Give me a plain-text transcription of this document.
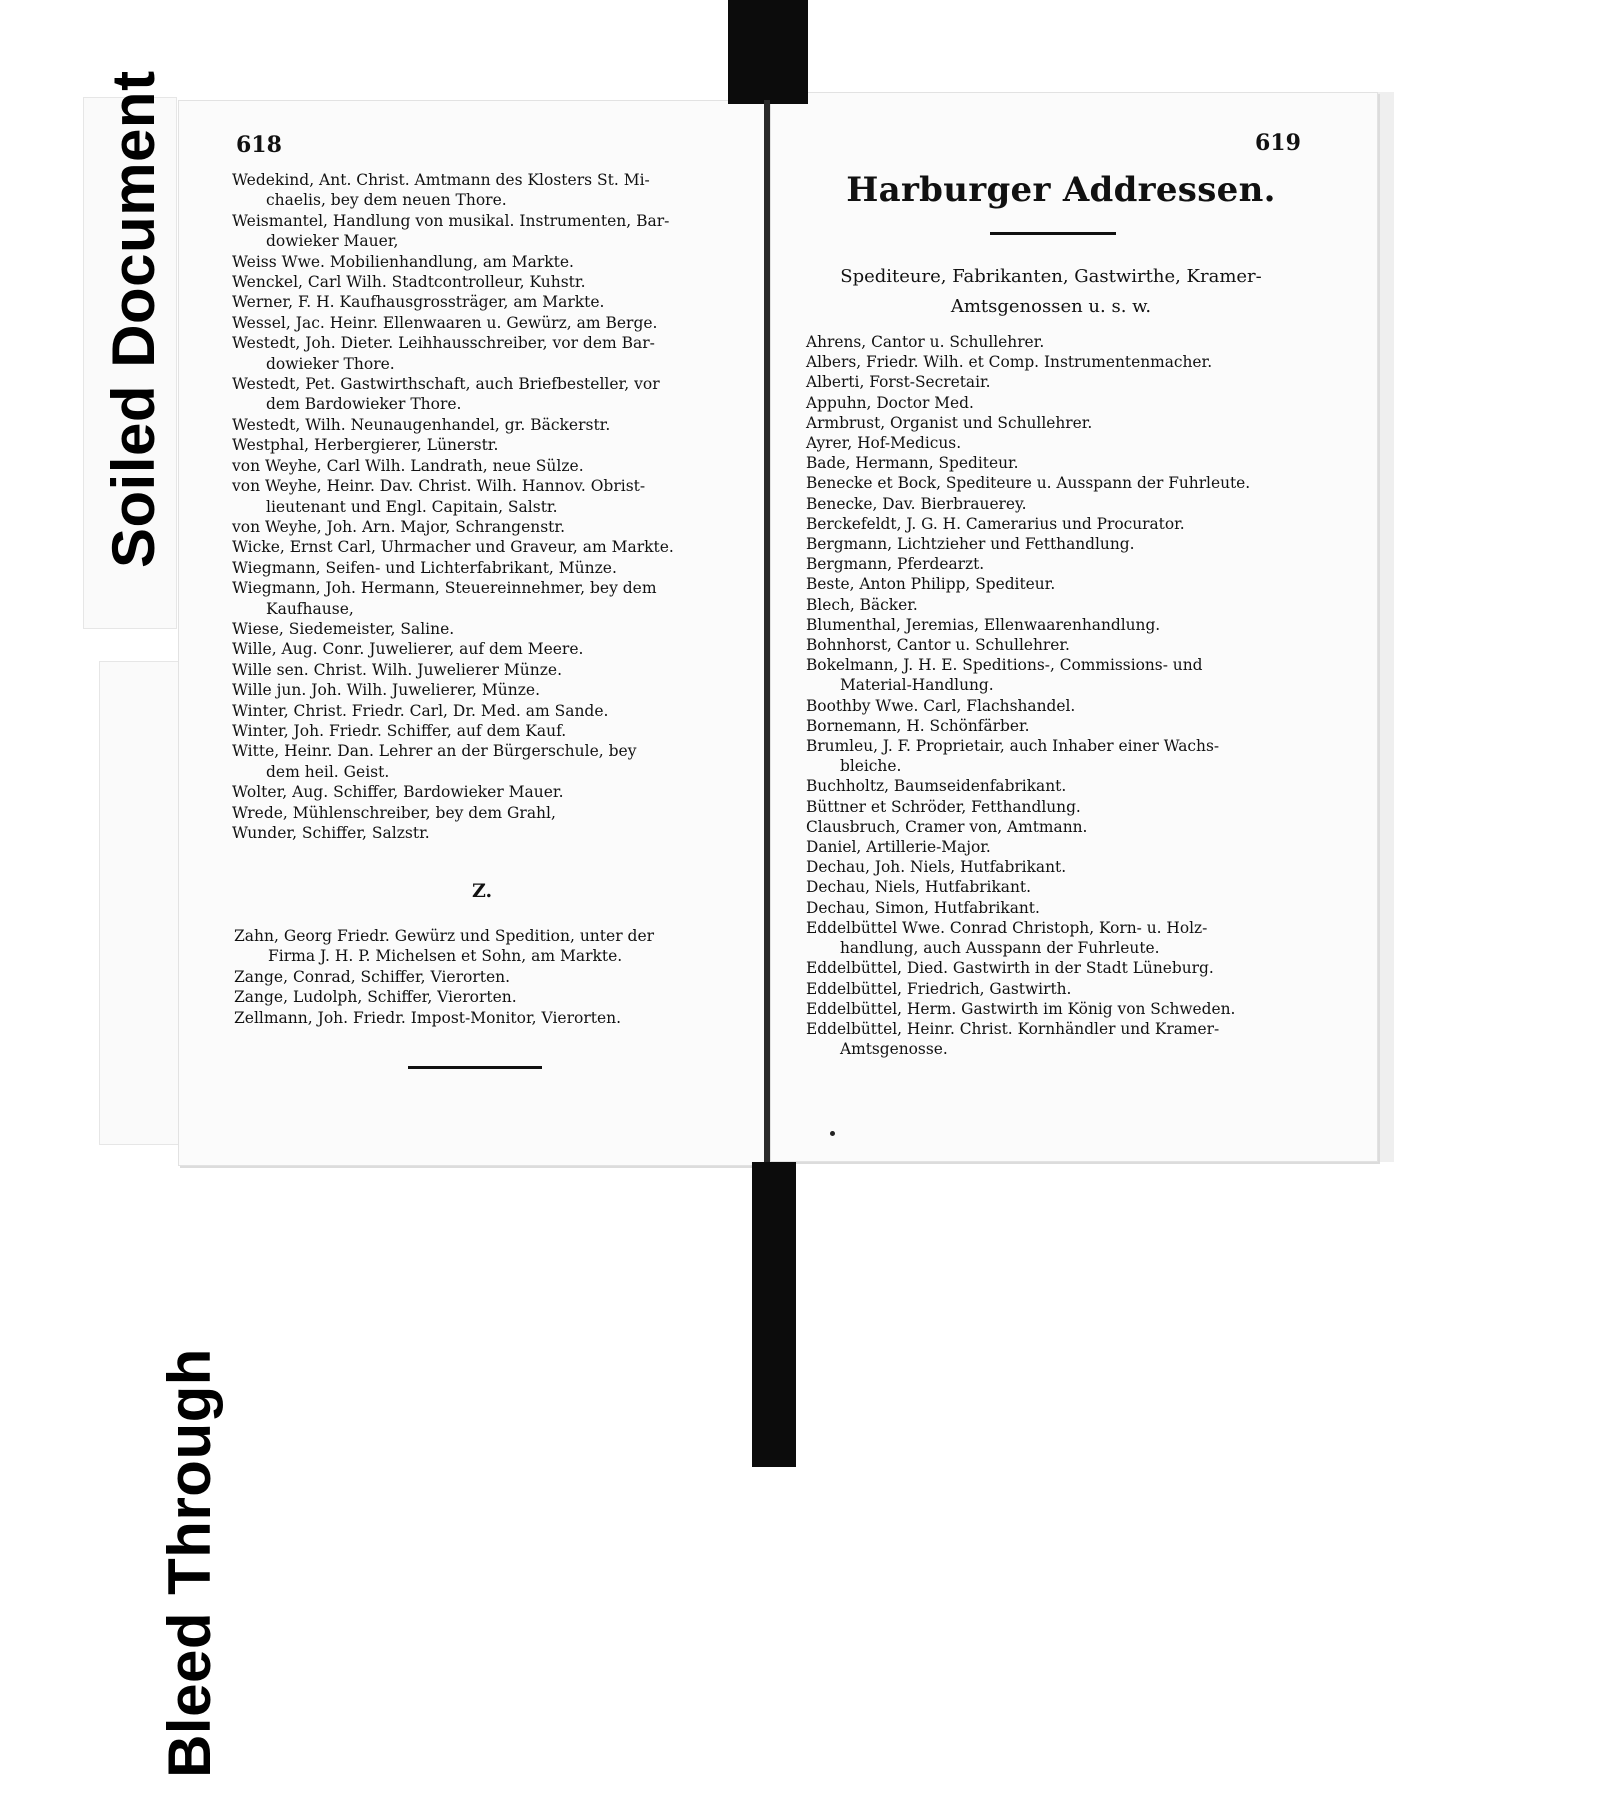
Soiled Document
Bleed Through
618
Wedekind, Ant. Christ. Amtmann des Klosters St. Mi-
chaelis, bey dem neuen Thore.
Weismantel, Handlung von musikal. Instrumenten, Bar-
dowieker Mauer,
Weiss Wwe. Mobilienhandlung, am Markte.
Wenckel, Carl Wilh. Stadtcontrolleur, Kuhstr.
Werner, F. H. Kaufhausgrossträger, am Markte.
Wessel, Jac. Heinr. Ellenwaaren u. Gewürz, am Berge.
Westedt, Joh. Dieter. Leihhausschreiber, vor dem Bar-
dowieker Thore.
Westedt, Pet. Gastwirthschaft, auch Briefbesteller, vor
dem Bardowieker Thore.
Westedt, Wilh. Neunaugenhandel, gr. Bäckerstr.
Westphal, Herbergierer, Lünerstr.
von Weyhe, Carl Wilh. Landrath, neue Sülze.
von Weyhe, Heinr. Dav. Christ. Wilh. Hannov. Obrist-
lieutenant und Engl. Capitain, Salstr.
von Weyhe, Joh. Arn. Major, Schrangenstr.
Wicke, Ernst Carl, Uhrmacher und Graveur, am Markte.
Wiegmann, Seifen- und Lichterfabrikant, Münze.
Wiegmann, Joh. Hermann, Steuereinnehmer, bey dem
Kaufhause,
Wiese, Siedemeister, Saline.
Wille, Aug. Conr. Juwelierer, auf dem Meere.
Wille sen. Christ. Wilh. Juwelierer Münze.
Wille jun. Joh. Wilh. Juwelierer, Münze.
Winter, Christ. Friedr. Carl, Dr. Med. am Sande.
Winter, Joh. Friedr. Schiffer, auf dem Kauf.
Witte, Heinr. Dan. Lehrer an der Bürgerschule, bey
dem heil. Geist.
Wolter, Aug. Schiffer, Bardowieker Mauer.
Wrede, Mühlenschreiber, bey dem Grahl,
Wunder, Schiffer, Salzstr.
Z.
Zahn, Georg Friedr. Gewürz und Spedition, unter der
Firma J. H. P. Michelsen et Sohn, am Markte.
Zange, Conrad, Schiffer, Vierorten.
Zange, Ludolph, Schiffer, Vierorten.
Zellmann, Joh. Friedr. Impost-Monitor, Vierorten.
619
Harburger Addressen.
Spediteure, Fabrikanten, Gastwirthe, Kramer-
Amtsgenossen u. s. w.
Ahrens, Cantor u. Schullehrer.
Albers, Friedr. Wilh. et Comp. Instrumentenmacher.
Alberti, Forst-Secretair.
Appuhn, Doctor Med.
Armbrust, Organist und Schullehrer.
Ayrer, Hof-Medicus.
Bade, Hermann, Spediteur.
Benecke et Bock, Spediteure u. Ausspann der Fuhrleute.
Benecke, Dav. Bierbrauerey.
Berckefeldt, J. G. H. Camerarius und Procurator.
Bergmann, Lichtzieher und Fetthandlung.
Bergmann, Pferdearzt.
Beste, Anton Philipp, Spediteur.
Blech, Bäcker.
Blumenthal, Jeremias, Ellenwaarenhandlung.
Bohnhorst, Cantor u. Schullehrer.
Bokelmann, J. H. E. Speditions-, Commissions- und
Material-Handlung.
Boothby Wwe. Carl, Flachshandel.
Bornemann, H. Schönfärber.
Brumleu, J. F. Proprietair, auch Inhaber einer Wachs-
bleiche.
Buchholtz, Baumseidenfabrikant.
Büttner et Schröder, Fetthandlung.
Clausbruch, Cramer von, Amtmann.
Daniel, Artillerie-Major.
Dechau, Joh. Niels, Hutfabrikant.
Dechau, Niels, Hutfabrikant.
Dechau, Simon, Hutfabrikant.
Eddelbüttel Wwe. Conrad Christoph, Korn- u. Holz-
handlung, auch Ausspann der Fuhrleute.
Eddelbüttel, Died. Gastwirth in der Stadt Lüneburg.
Eddelbüttel, Friedrich, Gastwirth.
Eddelbüttel, Herm. Gastwirth im König von Schweden.
Eddelbüttel, Heinr. Christ. Kornhändler und Kramer-
Amtsgenosse.
